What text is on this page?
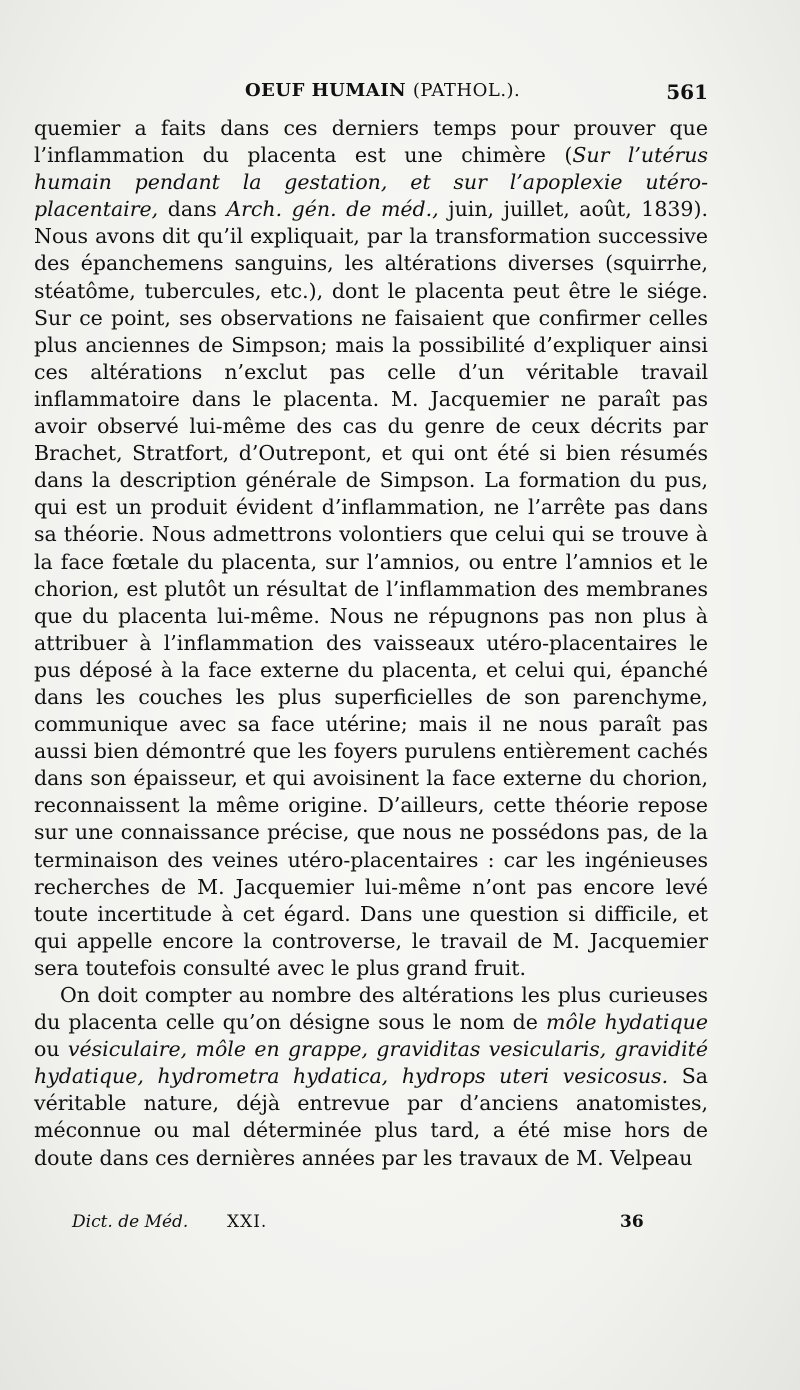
OEUF HUMAIN (PATHOL.).	561

quemier a faits dans ces derniers temps pour prouver que l’inflammation du placenta est une chimère (Sur l’utérus humain pendant la gestation, et sur l’apoplexie utéro-placentaire, dans Arch. gén. de méd., juin, juillet, août, 1839). Nous avons dit qu’il expliquait, par la transformation successive des épanchemens sanguins, les altérations diverses (squirrhe, stéatôme, tubercules, etc.), dont le placenta peut être le siége. Sur ce point, ses observations ne faisaient que confirmer celles plus anciennes de Simpson; mais la possibilité d’expliquer ainsi ces altérations n’exclut pas celle d’un véritable travail inflammatoire dans le placenta. M. Jacquemier ne paraît pas avoir observé lui-même des cas du genre de ceux décrits par Brachet, Stratfort, d’Outrepont, et qui ont été si bien résumés dans la description générale de Simpson. La formation du pus, qui est un produit évident d’inflammation, ne l’arrête pas dans sa théorie. Nous admettrons volontiers que celui qui se trouve à la face fœtale du placenta, sur l’amnios, ou entre l’amnios et le chorion, est plutôt un résultat de l’inflammation des membranes que du placenta lui-même. Nous ne répugnons pas non plus à attribuer à l’inflammation des vaisseaux utéro-placentaires le pus déposé à la face externe du placenta, et celui qui, épanché dans les couches les plus superficielles de son parenchyme, communique avec sa face utérine; mais il ne nous paraît pas aussi bien démontré que les foyers purulens entièrement cachés dans son épaisseur, et qui avoisinent la face externe du chorion, reconnaissent la même origine. D’ailleurs, cette théorie repose sur une connaissance précise, que nous ne possédons pas, de la terminaison des veines utéro-placentaires : car les ingénieuses recherches de M. Jacquemier lui-même n’ont pas encore levé toute incertitude à cet égard. Dans une question si difficile, et qui appelle encore la controverse, le travail de M. Jacquemier sera toutefois consulté avec le plus grand fruit.

On doit compter au nombre des altérations les plus curieuses du placenta celle qu’on désigne sous le nom de môle hydatique ou vésiculaire, môle en grappe, graviditas vesicularis, gravidité hydatique, hydrometra hydatica, hydrops uteri vesicosus. Sa véritable nature, déjà entrevue par d’anciens anatomistes, méconnue ou mal déterminée plus tard, a été mise hors de doute dans ces dernières années par les travaux de M. Velpeau

Dict. de Méd. XXI.	36
